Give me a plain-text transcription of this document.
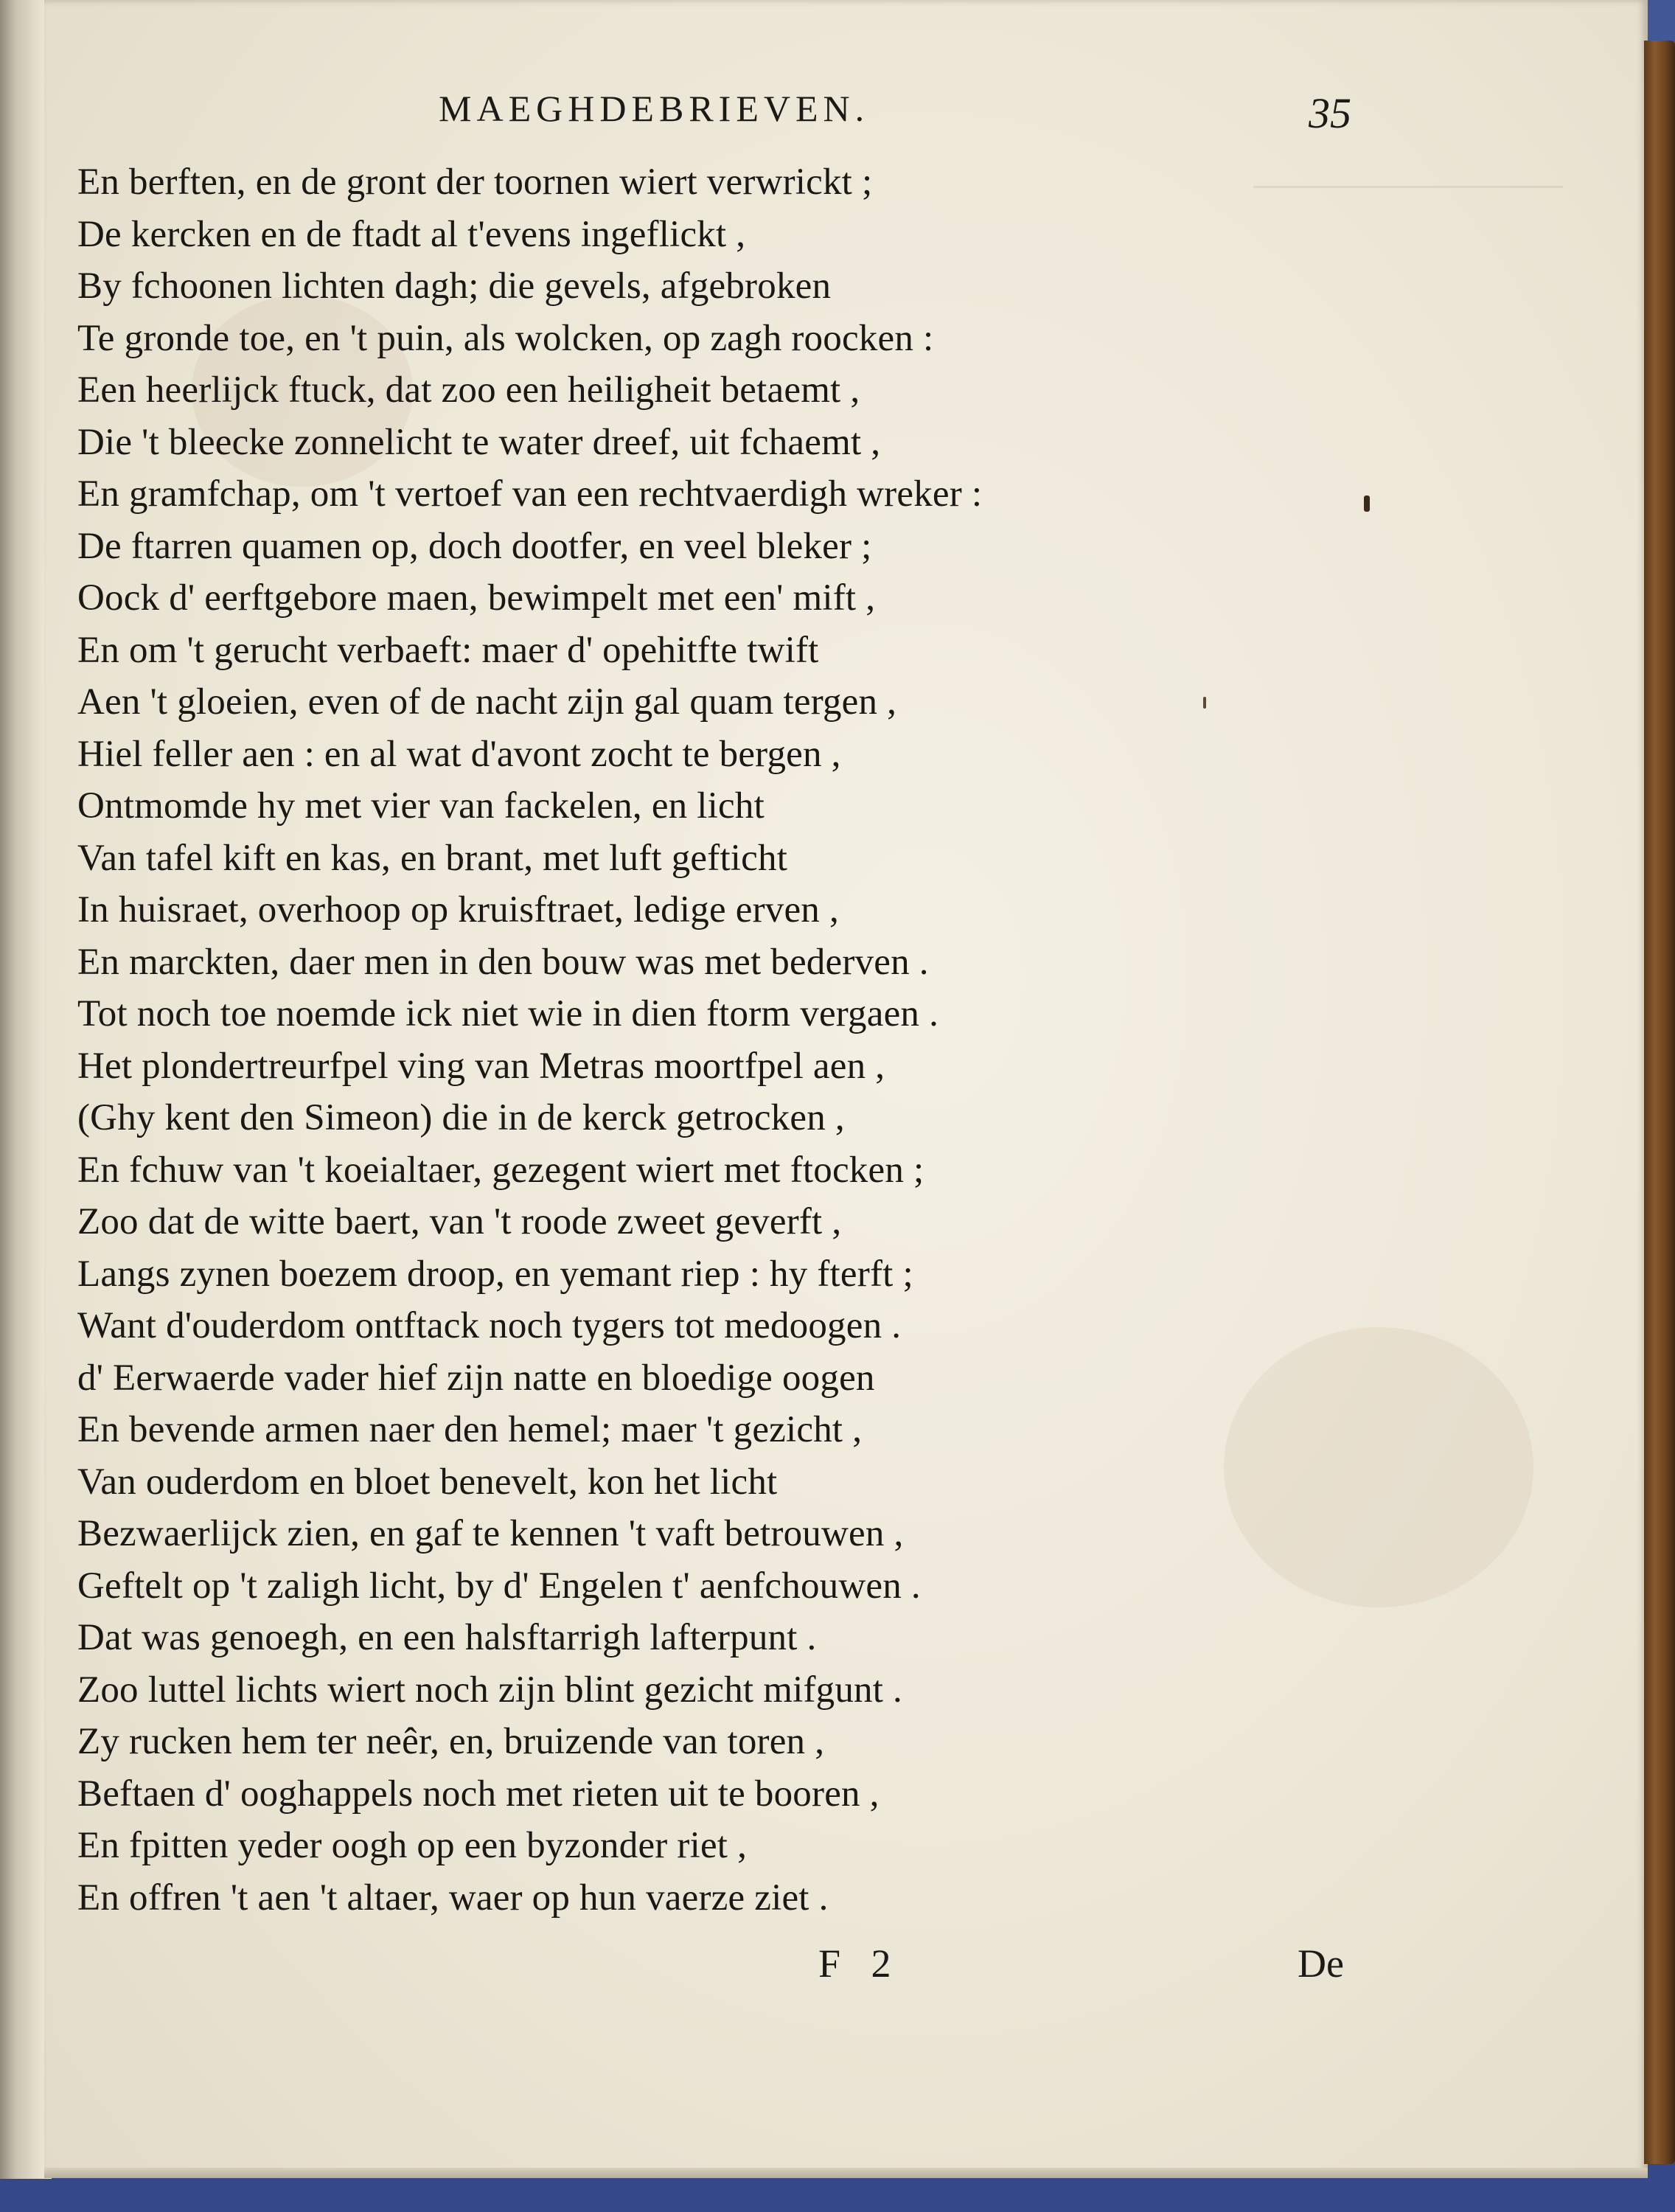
MAEGHDEBRIEVEN.	35
En berften, en de gront der toornen wiert verwrickt ;
De kercken en de ftadt al t'evens ingeflickt ,
By fchoonen lichten dagh; die gevels, afgebroken
Te gronde toe, en 't puin, als wolcken, op zagh roocken :
Een heerlijck ftuck, dat zoo een heiligheit betaemt ,
Die 't bleecke zonnelicht te water dreef, uit fchaemt ,
En gramfchap, om 't vertoef van een rechtvaerdigh wreker :
De ftarren quamen op, doch dootfer, en veel bleker ;
Oock d' eerftgebore maen, bewimpelt met een' mift ,
En om 't gerucht verbaeft: maer d' opehitfte twift
Aen 't gloeien, even of de nacht zijn gal quam tergen ,
Hiel feller aen : en al wat d'avont zocht te bergen ,
Ontmomde hy met vier van fackelen, en licht
Van tafel kift en kas, en brant, met luft gefticht
In huisraet, overhoop op kruisftraet, ledige erven ,
En marckten, daer men in den bouw was met bederven .
Tot noch toe noemde ick niet wie in dien ftorm vergaen .
Het plondertreurfpel ving van Metras moortfpel aen ,
(Ghy kent den Simeon) die in de kerck getrocken ,
En fchuw van 't koeialtaer, gezegent wiert met ftocken ;
Zoo dat de witte baert, van 't roode zweet geverft ,
Langs zynen boezem droop, en yemant riep : hy fterft ;
Want d'ouderdom ontftack noch tygers tot medoogen .
d' Eerwaerde vader hief zijn natte en bloedige oogen
En bevende armen naer den hemel; maer 't gezicht ,
Van ouderdom en bloet benevelt, kon het licht
Bezwaerlijck zien, en gaf te kennen 't vaft betrouwen ,
Geftelt op 't zaligh licht, by d' Engelen t' aenfchouwen .
Dat was genoegh, en een halsftarrigh lafterpunt .
Zoo luttel lichts wiert noch zijn blint gezicht mifgunt .
Zy rucken hem ter neêr, en, bruizende van toren ,
Beftaen d' ooghappels noch met rieten uit te booren ,
En fpitten yeder oogh op een byzonder riet ,
En offren 't aen 't altaer, waer op hun vaerze ziet .
F 2	De
